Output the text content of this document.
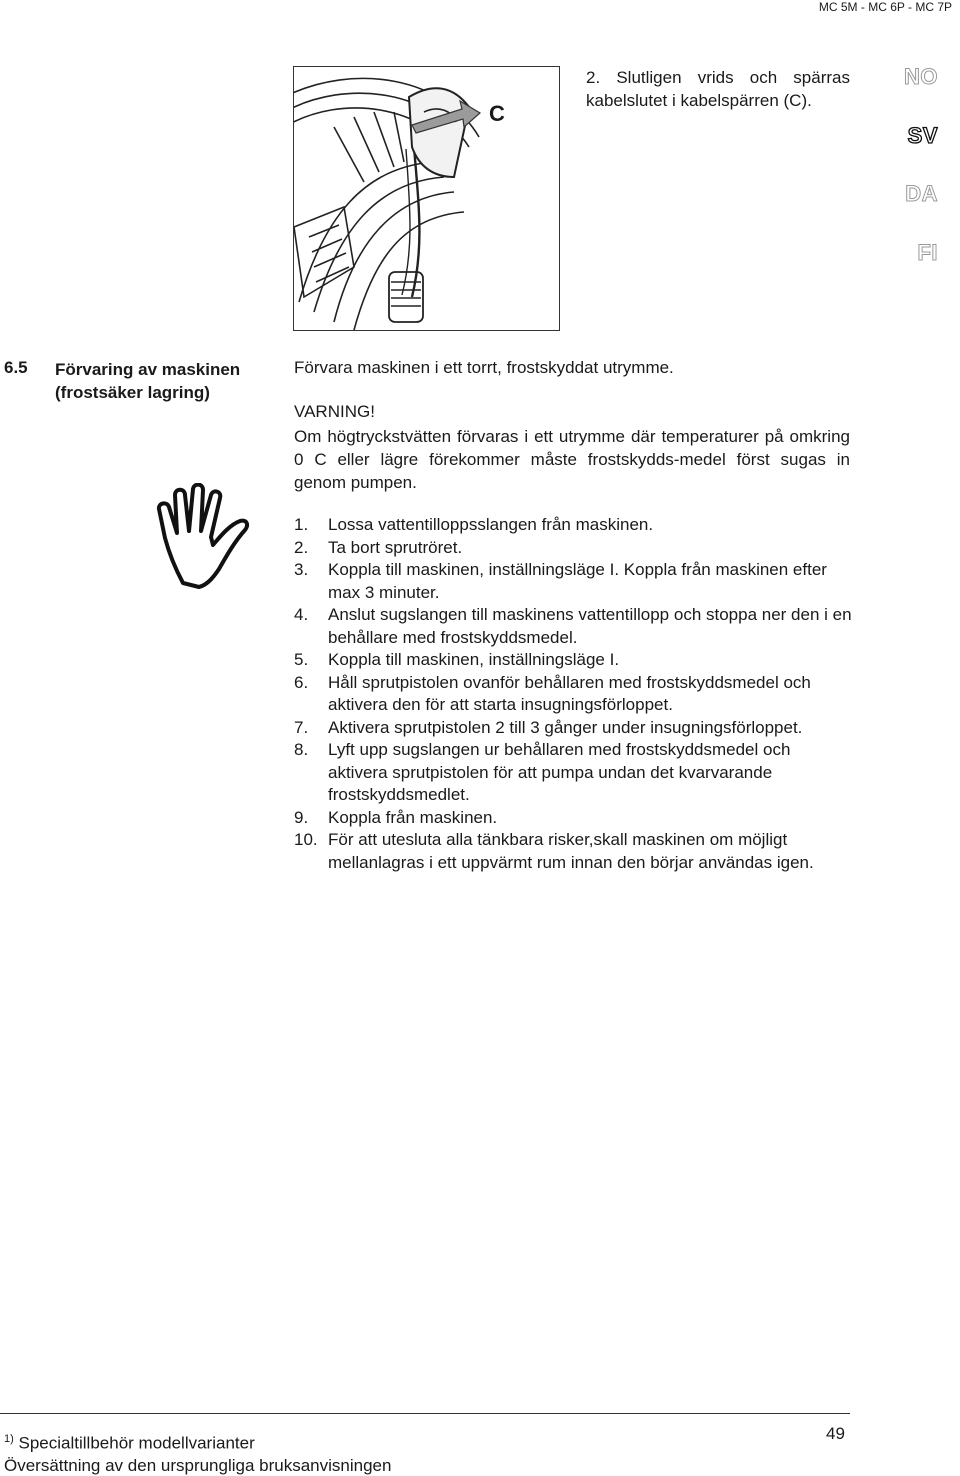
MC 5M - MC 6P - MC 7P
NO
SV
DA
FI
C
2. Slutligen vrids och spärras kabelslutet i kabelspärren (C).
6.5 Förvaring av maskinen
(frostsäker lagring)
Förvara maskinen i ett torrt, frostskyddat utrymme.
VARNING!
Om högtryckstvätten förvaras i ett utrymme där temperaturer på omkring 0 C eller lägre förekommer måste frostskydds-medel först sugas in genom pumpen.
1. Lossa vattentilloppsslangen från maskinen.
2. Ta bort sprutröret.
3. Koppla till maskinen, inställningsläge I. Koppla från maskinen efter max 3 minuter.
4. Anslut sugslangen till maskinens vattentillopp och stoppa ner den i en behållare med frostskyddsmedel.
5. Koppla till maskinen, inställningsläge I.
6. Håll sprutpistolen ovanför behållaren med frostskyddsmedel och aktivera den för att starta insugningsförloppet.
7. Aktivera sprutpistolen 2 till 3 gånger under insugningsförloppet.
8. Lyft upp sugslangen ur behållaren med frostskyddsmedel och aktivera sprutpistolen för att pumpa undan det kvarvarande frostskyddsmedlet.
9. Koppla från maskinen.
10. För att utesluta alla tänkbara risker,skall maskinen om möjligt mellanlagras i ett uppvärmt rum innan den börjar användas igen.
49
$^{1)}$ Specialtillbehör modellvarianter
Översättning av den ursprungliga bruksanvisningen
